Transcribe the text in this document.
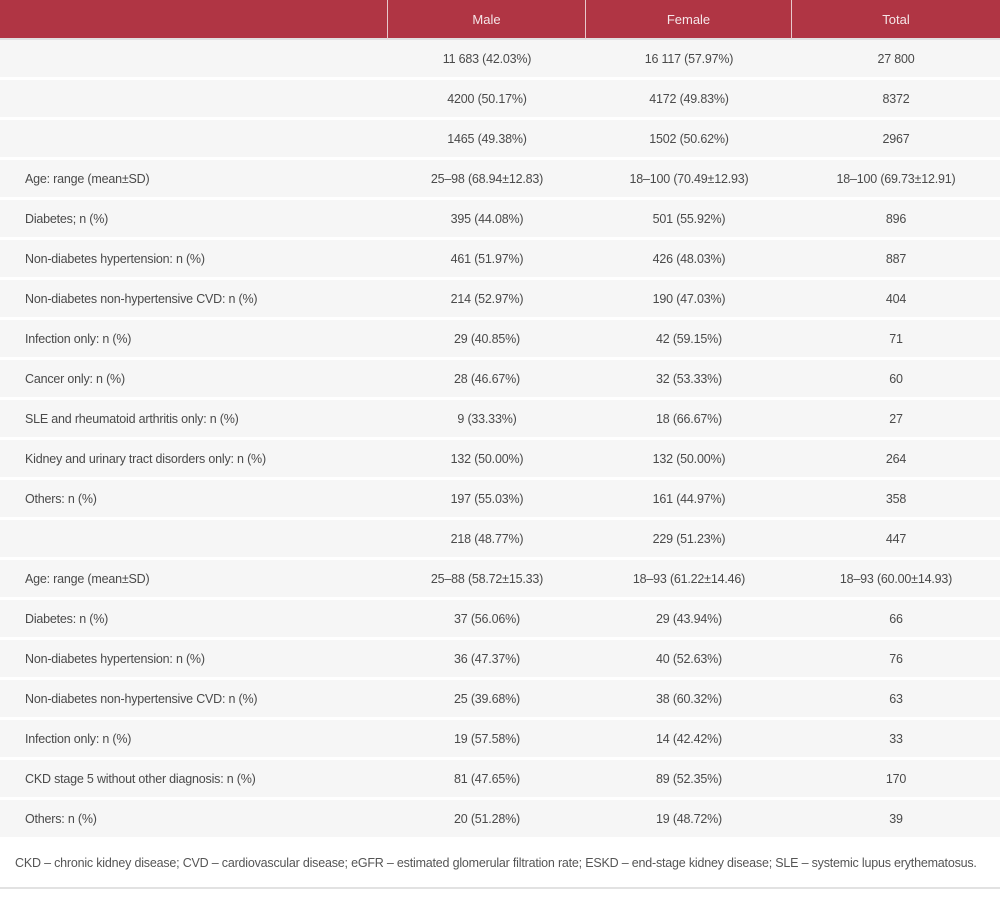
	Male	Female	Total
	11 683 (42.03%)	16 117 (57.97%)	27 800
	4200 (50.17%)	4172 (49.83%)	8372
	1465 (49.38%)	1502 (50.62%)	2967
Age: range (mean±SD)	25–98 (68.94±12.83)	18–100 (70.49±12.93)	18–100 (69.73±12.91)
Diabetes; n (%)	395 (44.08%)	501 (55.92%)	896
Non-diabetes hypertension: n (%)	461 (51.97%)	426 (48.03%)	887
Non-diabetes non-hypertensive CVD: n (%)	214 (52.97%)	190 (47.03%)	404
Infection only: n (%)	29 (40.85%)	42 (59.15%)	71
Cancer only: n (%)	28 (46.67%)	32 (53.33%)	60
SLE and rheumatoid arthritis only: n (%)	9 (33.33%)	18 (66.67%)	27
Kidney and urinary tract disorders only: n (%)	132 (50.00%)	132 (50.00%)	264
Others: n (%)	197 (55.03%)	161 (44.97%)	358
	218 (48.77%)	229 (51.23%)	447
Age: range (mean±SD)	25–88 (58.72±15.33)	18–93 (61.22±14.46)	18–93 (60.00±14.93)
Diabetes: n (%)	37 (56.06%)	29 (43.94%)	66
Non-diabetes hypertension: n (%)	36 (47.37%)	40 (52.63%)	76
Non-diabetes non-hypertensive CVD: n (%)	25 (39.68%)	38 (60.32%)	63
Infection only: n (%)	19 (57.58%)	14 (42.42%)	33
CKD stage 5 without other diagnosis: n (%)	81 (47.65%)	89 (52.35%)	170
Others: n (%)	20 (51.28%)	19 (48.72%)	39
CKD – chronic kidney disease; CVD – cardiovascular disease; eGFR – estimated glomerular filtration rate; ESKD – end-stage kidney disease; SLE – systemic lupus erythematosus.
